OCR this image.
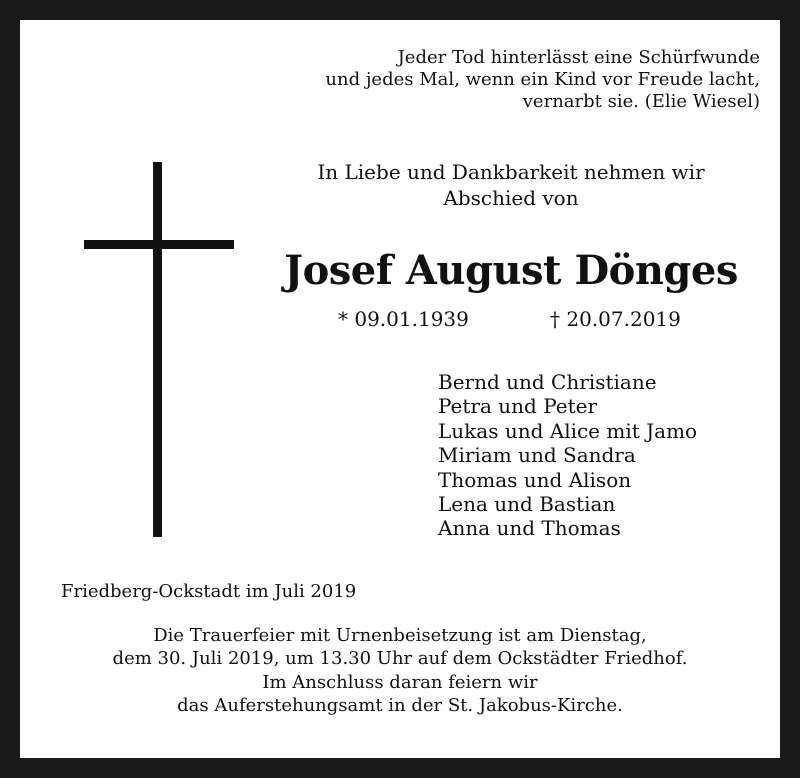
Jeder Tod hinterlässt eine Schürfwunde
und jedes Mal, wenn ein Kind vor Freude lacht,
vernarbt sie. (Elie Wiesel)
In Liebe und Dankbarkeit nehmen wir
Abschied von
Josef August Dönges
* 09.01.1939	† 20.07.2019
Bernd und Christiane
Petra und Peter
Lukas und Alice mit Jamo
Miriam und Sandra
Thomas und Alison
Lena und Bastian
Anna und Thomas
Friedberg-Ockstadt im Juli 2019
Die Trauerfeier mit Urnenbeisetzung ist am Dienstag,
dem 30. Juli 2019, um 13.30 Uhr auf dem Ockstädter Friedhof.
Im Anschluss daran feiern wir
das Auferstehungsamt in der St. Jakobus-Kirche.
